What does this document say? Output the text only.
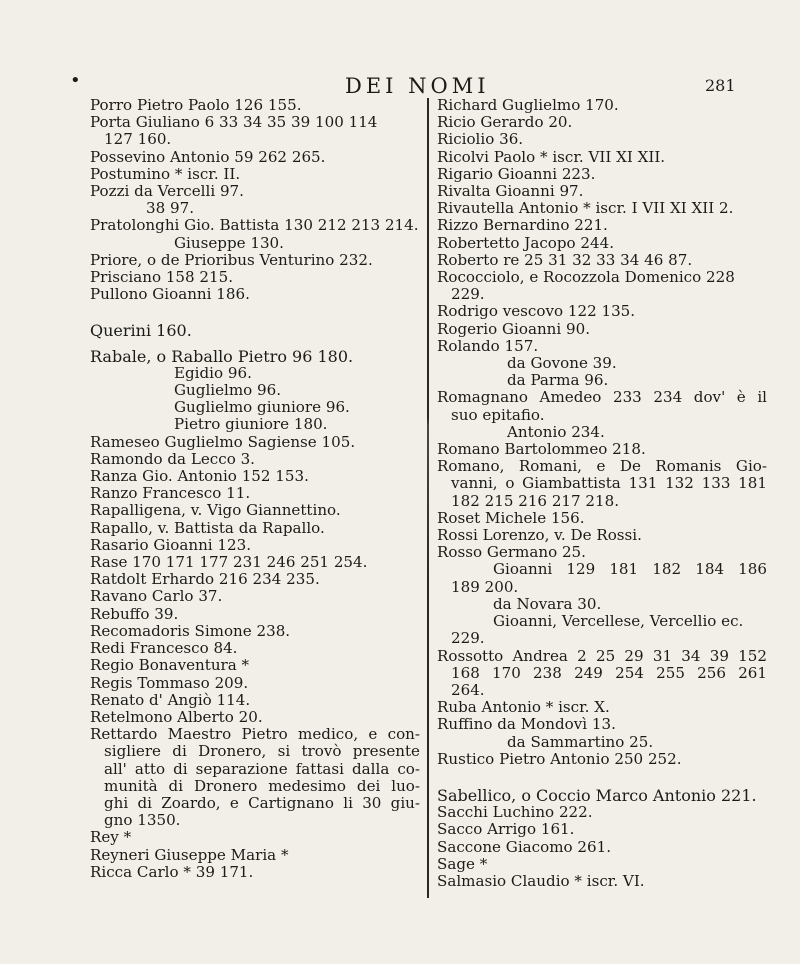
•	DEI NOMI	281
Porro Pietro Paolo 126 155.
Porta Giuliano 6 33 34 35 39 100 114
127 160.
Possevino Antonio 59 262 265.
Postumino * iscr. II.
Pozzi da Vercelli 97.
38 97.
Pratolonghi Gio. Battista 130 212 213 214.
Giuseppe 130.
Priore, o de Prioribus Venturino 232.
Prisciano 158 215.
Pullono Gioanni 186.
Querini 160.
Rabale, o Raballo Pietro 96 180.
Egidio 96.
Guglielmo 96.
Guglielmo giuniore 96.
Pietro giuniore 180.
Rameseo Guglielmo Sagiense 105.
Ramondo da Lecco 3.
Ranza Gio. Antonio 152 153.
Ranzo Francesco 11.
Rapalligena, v. Vigo Giannettino.
Rapallo, v. Battista da Rapallo.
Rasario Gioanni 123.
Rase 170 171 177 231 246 251 254.
Ratdolt Erhardo 216 234 235.
Ravano Carlo 37.
Rebuffo 39.
Recomadoris Simone 238.
Redi Francesco 84.
Regio Bonaventura *
Regis Tommaso 209.
Renato d' Angiò 114.
Retelmono Alberto 20.
Rettardo Maestro Pietro medico, e con-
sigliere di Dronero, si trovò presente
all' atto di separazione fattasi dalla co-
munità di Dronero medesimo dei luo-
ghi di Zoardo, e Cartignano li 30 giu-
gno 1350.
Rey *
Reyneri Giuseppe Maria *
Ricca Carlo * 39 171.
Richard Guglielmo 170.
Ricio Gerardo 20.
Riciolio 36.
Ricolvi Paolo * iscr. VII XI XII.
Rigario Gioanni 223.
Rivalta Gioanni 97.
Rivautella Antonio * iscr. I VII XI XII 2.
Rizzo Bernardino 221.
Robertetto Jacopo 244.
Roberto re 25 31 32 33 34 46 87.
Rococciolo, e Rocozzola Domenico 228
229.
Rodrigo vescovo 122 135.
Rogerio Gioanni 90.
Rolando 157.
da Govone 39.
da Parma 96.
Romagnano Amedeo 233 234 dov' è il
suo epitafio.
Antonio 234.
Romano Bartolommeo 218.
Romano, Romani, e De Romanis Gio-
vanni, o Giambattista 131 132 133 181
182 215 216 217 218.
Roset Michele 156.
Rossi Lorenzo, v. De Rossi.
Rosso Germano 25.
Gioanni 129 181 182 184 186
189 200.
da Novara 30.
Gioanni, Vercellese, Vercellio ec.
229.
Rossotto Andrea 2 25 29 31 34 39 152
168 170 238 249 254 255 256 261
264.
Ruba Antonio * iscr. X.
Ruffino da Mondovì 13.
da Sammartino 25.
Rustico Pietro Antonio 250 252.
Sabellico, o Coccio Marco Antonio 221.
Sacchi Luchino 222.
Sacco Arrigo 161.
Saccone Giacomo 261.
Sage *
Salmasio Claudio * iscr. VI.
